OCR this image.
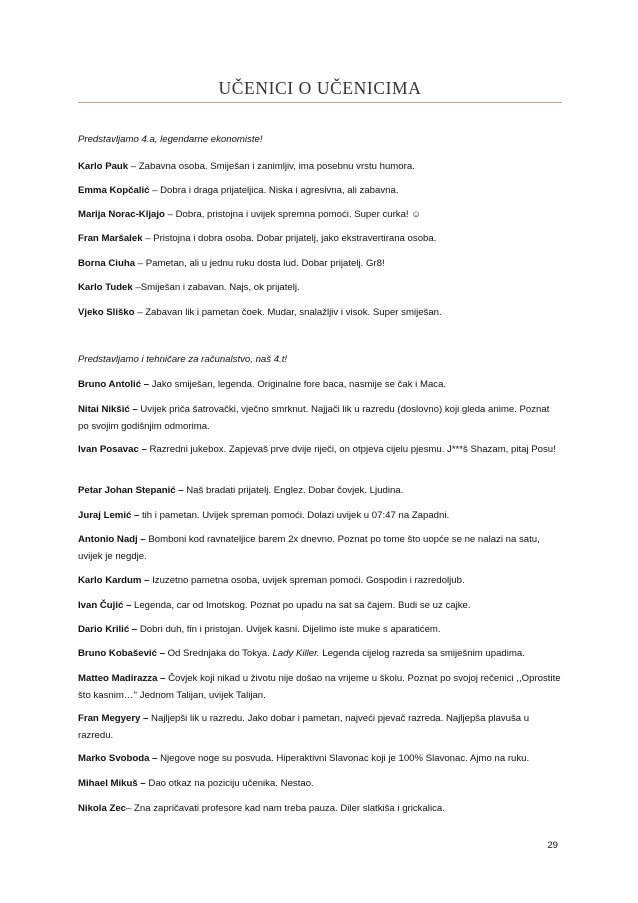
UČENICI O UČENICIMA
Predstavljamo 4.a, legendarne ekonomiste!
Karlo Pauk – Zabavna osoba. Smiješan i zanimljiv, ima posebnu vrstu humora.
Emma Kopčalić – Dobra i draga prijateljica. Niska i agresivna, ali zabavna.
Marija Norac-Kljajo – Dobra, pristojna i uvijek spremna pomoći. Super curka! ☺
Fran Maršalek – Pristojna i dobra osoba. Dobar prijatelj, jako ekstravertirana osoba.
Borna Ciuha – Pametan, ali u jednu ruku dosta lud. Dobar prijatelj. Gr8!
Karlo Tudek –Smiješan i zabavan. Najs, ok prijatelj.
Vjeko Sliško – Zabavan lik i pametan čoek. Mudar, snalažljiv i visok. Super smiješan.
Predstavljamo i tehničare za računalstvo, naš 4.t!
Bruno Antolić – Jako smiješan, legenda. Originalne fore baca, nasmije se čak i Maca.
Nitai Nikšić – Uvijek priča šatrovački, vječno smrknut. Najjači lik u razredu (doslovno) koji gleda anime. Poznat po svojim godišnjim odmorima.
Ivan Posavac – Razredni jukebox. Zapjevaš prve dvije riječi, on otpjeva cijelu pjesmu. J***š Shazam, pitaj Posu!
Petar Johan Stepanić – Naš bradati prijatelj. Englez. Dobar čovjek. Ljudina.
Juraj Lemić – tih i pametan. Uvijek spreman pomoći. Dolazi uvijek u 07:47 na Zapadni.
Antonio Nadj – Bomboni kod ravnateljice barem 2x dnevno. Poznat po tome što uopće se ne nalazi na satu, uvijek je negdje.
Karlo Kardum – Izuzetno pametna osoba, uvijek spreman pomoći. Gospodin i razredoljub.
Ivan Čujić – Legenda, car od Imotskog. Poznat po upadu na sat sa čajem. Budi se uz cajke.
Dario Krilić – Dobri duh, fin i pristojan. Uvijek kasni. Dijelimo iste muke s aparatićem.
Bruno Kobašević – Od Srednjaka do Tokya. Lady Killer. Legenda cijelog razreda sa smiješnim upadima.
Matteo Madirazza – Čovjek koji nikad u životu nije došao na vrijeme u školu. Poznat po svojoj rečenici ,,Oprostite što kasnim…'' Jednom Talijan, uvijek Talijan.
Fran Megyery – Najljepši lik u razredu. Jako dobar i pametan, najveći pjevač razreda. Najljepša plavuša u razredu.
Marko Svoboda – Njegove noge su posvuda. Hiperaktivni Slavonac koji je 100% Slavonac. Ajmo na ruku.
Mihael Mikuš – Dao otkaz na poziciju učenika. Nestao.
Nikola Zec– Zna zapričavati profesore kad nam treba pauza. Diler slatkiša i grickalica.
29
